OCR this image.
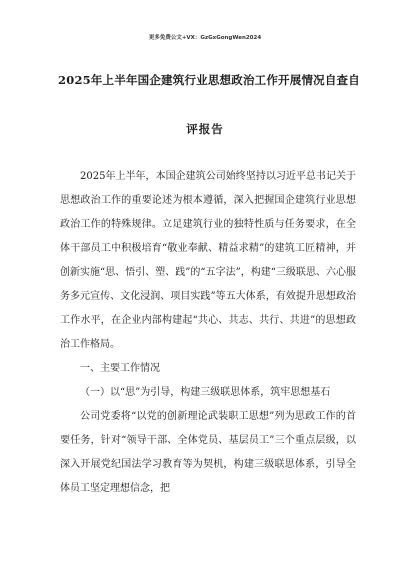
更多免费公文+VX：GzGxGongWen2024
2025年上半年国企建筑行业思想政治工作开展情况自查自
评报告

2025年上半年，本国企建筑公司始终坚持以习近平总书记关于思想政治工作的重要论述为根本遵循，深入把握国企建筑行业思想政治工作的特殊规律。立足建筑行业的独特性质与任务要求，在全体干部员工中积极培育“敬业奉献、精益求精”的建筑工匠精神，并创新实施“思、悟引、塑、践”的“五字法”，构建“三级联思、六心服务多元宣传、文化浸润、项目实践”等五大体系，有效提升思想政治工作水平，在企业内部构建起“共心、共志、共行、共进”的思想政治工作格局。

一、主要工作情况

（一）以“思”为引导，构建三级联思体系，筑牢思想基石

公司党委将“以党的创新理论武装职工思想”列为思政工作的首要任务，针对“领导干部、全体党员、基层员工”三个重点层级，以深入开展党纪国法学习教育等为契机，构建三级联思体系，引导全体员工坚定理想信念，把
